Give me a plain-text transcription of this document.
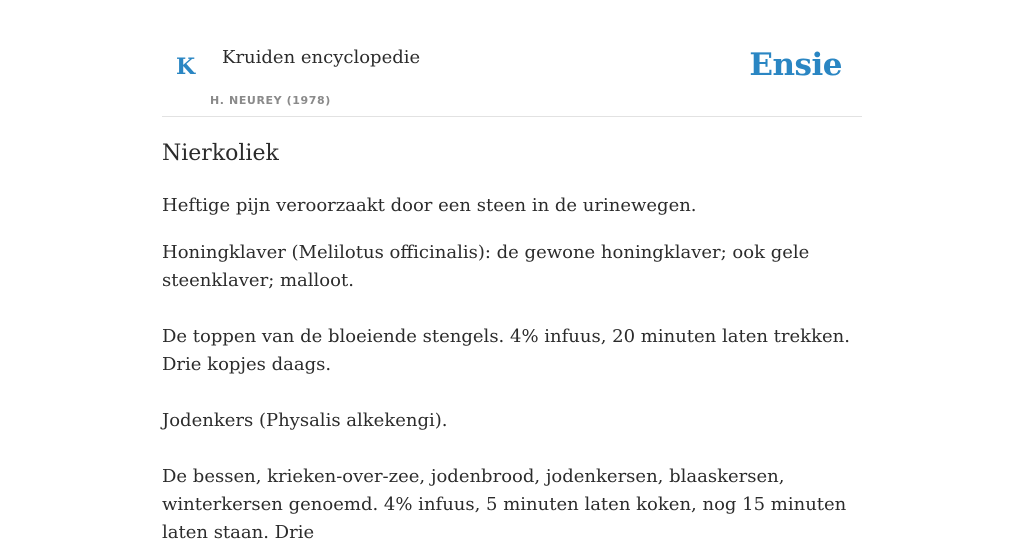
K Kruiden encyclopedie
H. NEUREY (1978)
Ensie
Nierkoliek

Heftige pijn veroorzaakt door een steen in de urinewegen.

Honingklaver (Melilotus officinalis): de gewone honingklaver; ook gele steenklaver; malloot.

De toppen van de bloeiende stengels. 4% infuus, 20 minuten laten trekken. Drie kopjes daags.

Jodenkers (Physalis alkekengi).

De bessen, krieken-over-zee, jodenbrood, jodenkersen, blaaskersen, winterkersen genoemd. 4% infuus, 5 minuten laten koken, nog 15 minuten laten staan. Drie
